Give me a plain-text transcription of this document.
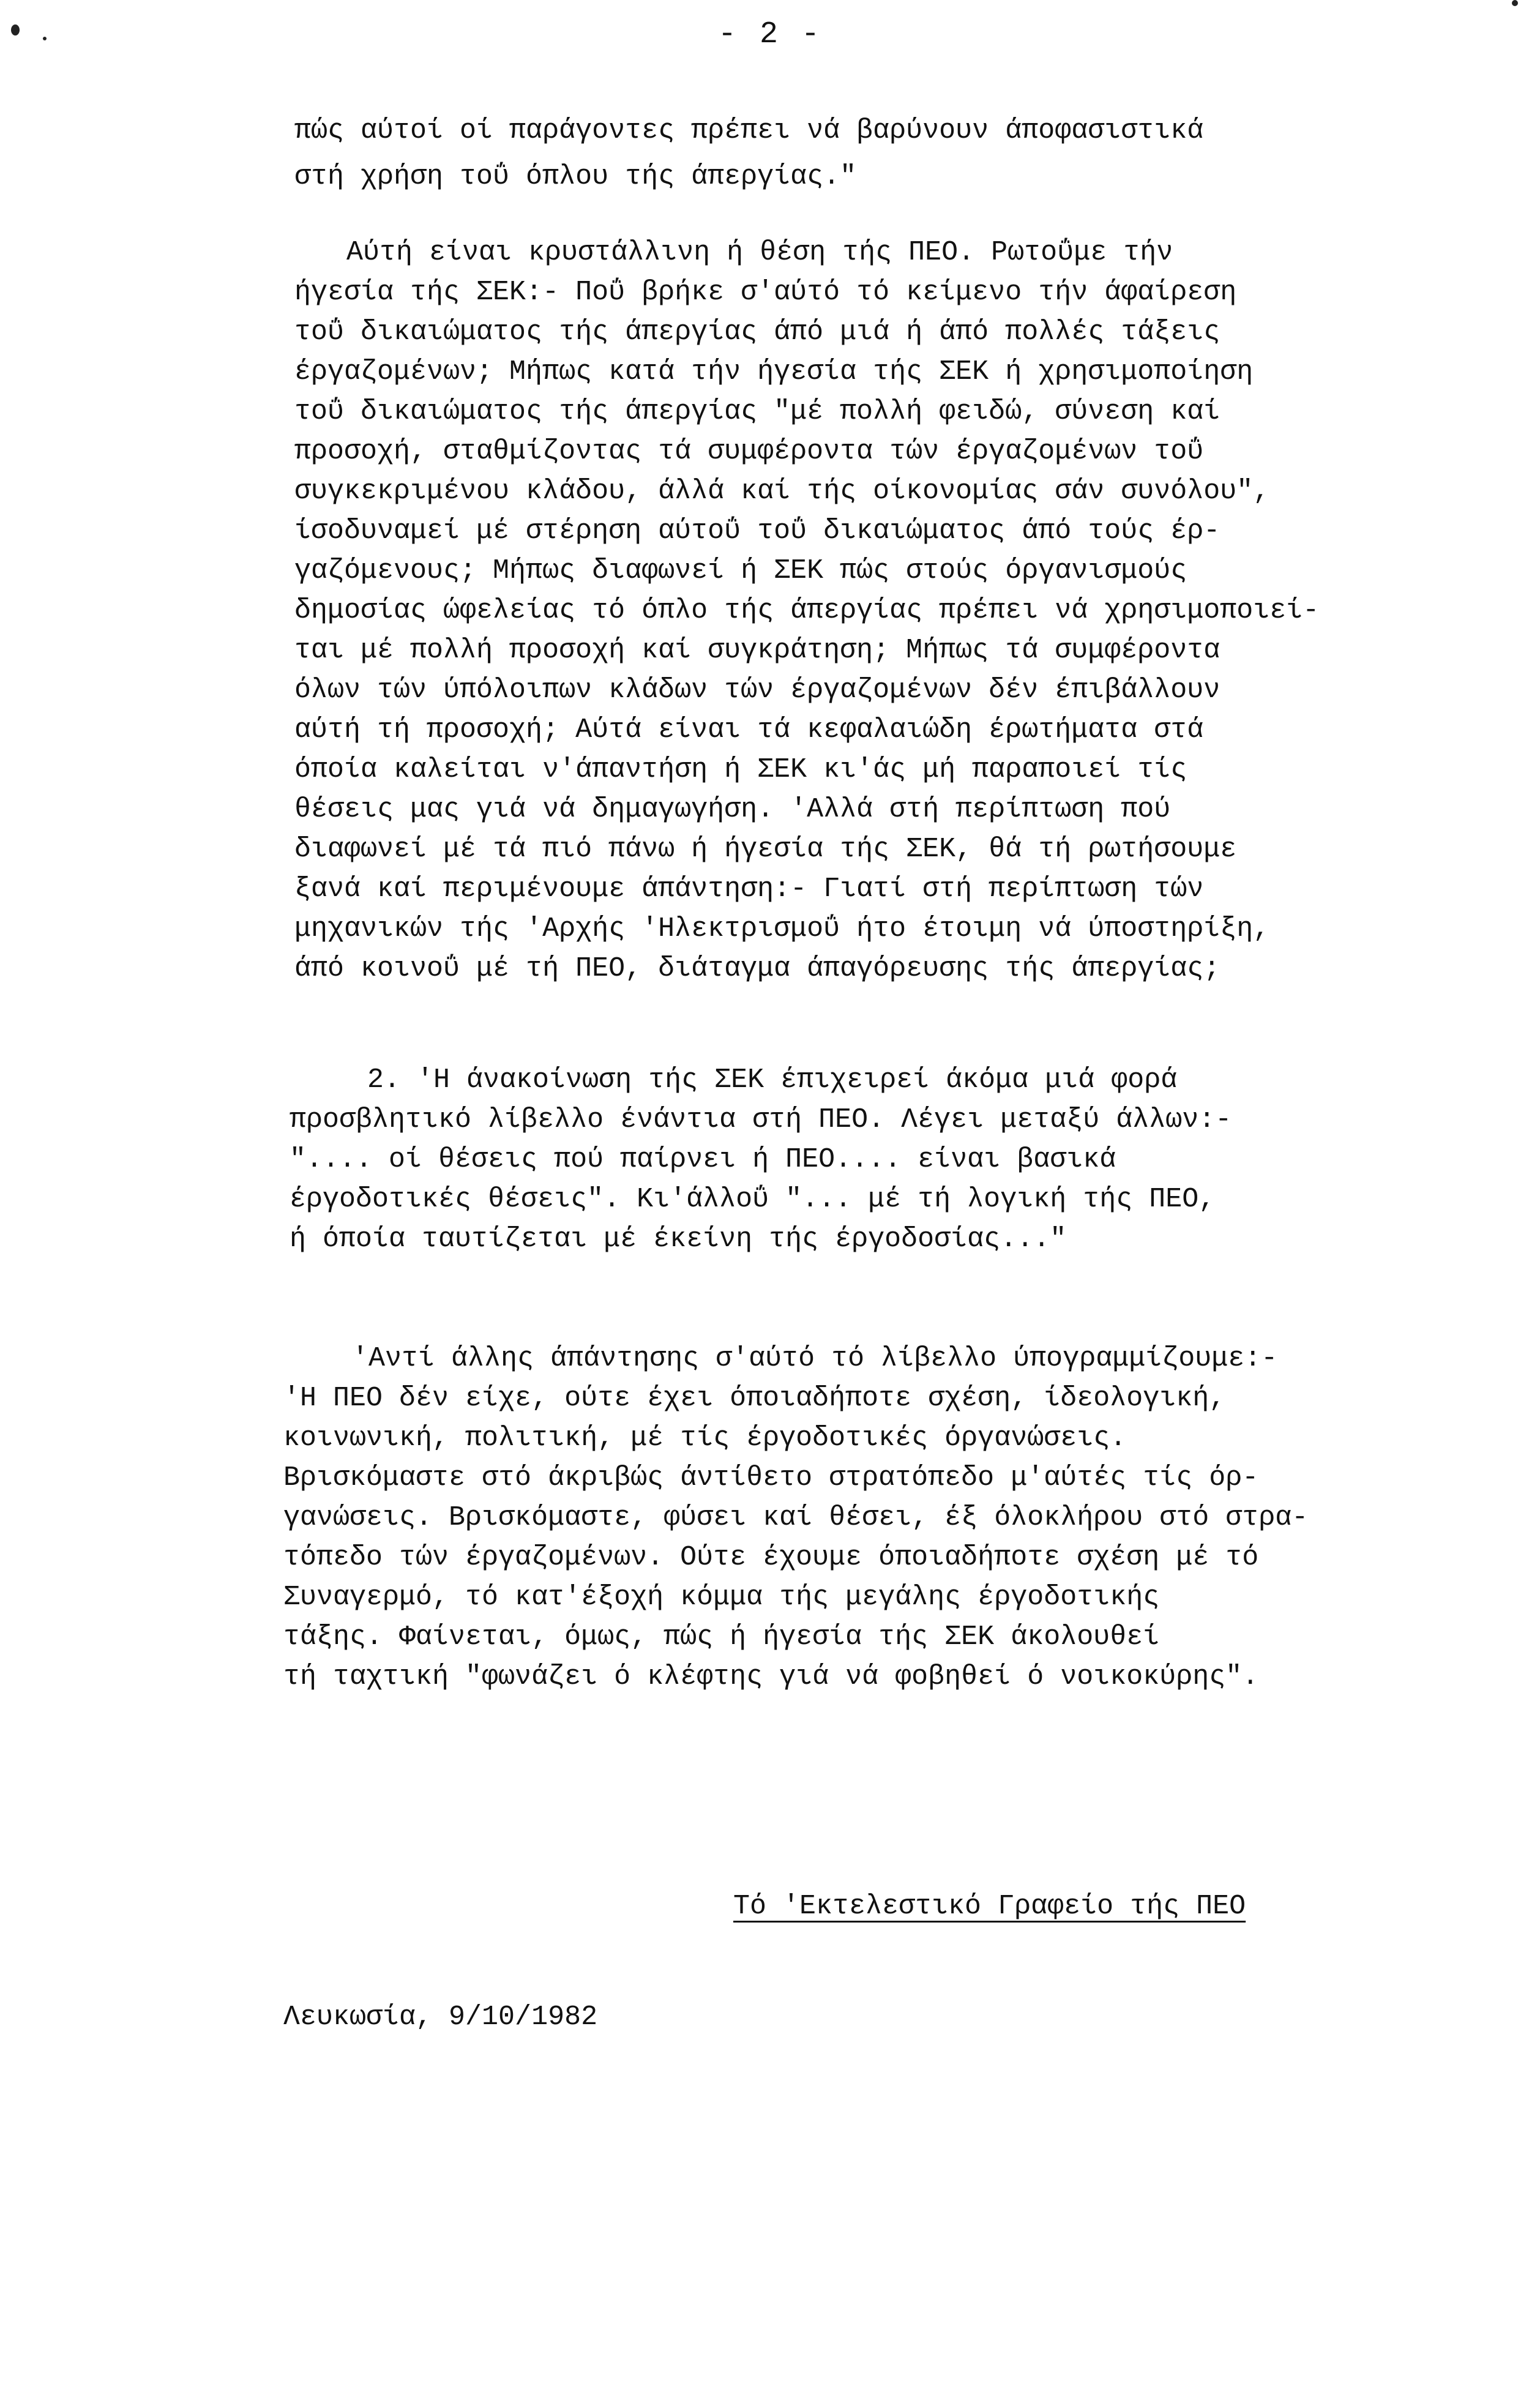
- 2 -
πώς αύτοί οί παράγοντες πρέπει νά βαρύνουν άποφασιστικά
στή χρήση τοΰ όπλου τής άπεργίας."
Αύτή είναι κρυστάλλινη ή θέση τής ΠΕΟ. Ρωτοΰμε τήν
ήγεσία τής ΣΕΚ:- Ποΰ βρήκε σ'αύτό τό κείμενο τήν άφαίρεση
τοΰ δικαιώματος τής άπεργίας άπό μιά ή άπό πολλές τάξεις
έργαζομένων; Μήπως κατά τήν ήγεσία τής ΣΕΚ ή χρησιμοποίηση
τοΰ δικαιώματος τής άπεργίας "μέ πολλή φειδώ, σύνεση καί
προσοχή, σταθμίζοντας τά συμφέροντα τών έργαζομένων τοΰ
συγκεκριμένου κλάδου, άλλά καί τής οίκονομίας σάν συνόλου",
ίσοδυναμεί μέ στέρηση αύτοΰ τοΰ δικαιώματος άπό τούς έρ-
γαζόμενους; Μήπως διαφωνεί ή ΣΕΚ πώς στούς όργανισμούς
δημοσίας ώφελείας τό όπλο τής άπεργίας πρέπει νά χρησιμοποιεί-
ται μέ πολλή προσοχή καί συγκράτηση; Μήπως τά συμφέροντα
όλων τών ύπόλοιπων κλάδων τών έργαζομένων δέν έπιβάλλουν
αύτή τή προσοχή; Αύτά είναι τά κεφαλαιώδη έρωτήματα στά
όποία καλείται ν'άπαντήση ή ΣΕΚ κι'άς μή παραποιεί τίς
θέσεις μας γιά νά δημαγωγήση. 'Αλλά στή περίπτωση πού
διαφωνεί μέ τά πιό πάνω ή ήγεσία τής ΣΕΚ, θά τή ρωτήσουμε
ξανά καί περιμένουμε άπάντηση:- Γιατί στή περίπτωση τών
μηχανικών τής 'Αρχής 'Ηλεκτρισμοΰ ήτο έτοιμη νά ύποστηρίξη,
άπό κοινοΰ μέ τή ΠΕΟ, διάταγμα άπαγόρευσης τής άπεργίας;
2. 'Η άνακοίνωση τής ΣΕΚ έπιχειρεί άκόμα μιά φορά
προσβλητικό λίβελλο ένάντια στή ΠΕΟ. Λέγει μεταξύ άλλων:-
".... οί θέσεις πού παίρνει ή ΠΕΟ.... είναι βασικά
έργοδοτικές θέσεις". Κι'άλλοΰ "... μέ τή λογική τής ΠΕΟ,
ή όποία ταυτίζεται μέ έκείνη τής έργοδοσίας..."
'Αντί άλλης άπάντησης σ'αύτό τό λίβελλο ύπογραμμίζουμε:-
'Η ΠΕΟ δέν είχε, ούτε έχει όποιαδήποτε σχέση, ίδεολογική,
κοινωνική, πολιτική, μέ τίς έργοδοτικές όργανώσεις.
Βρισκόμαστε στό άκριβώς άντίθετο στρατόπεδο μ'αύτές τίς όρ-
γανώσεις. Βρισκόμαστε, φύσει καί θέσει, έξ όλοκλήρου στό στρα-
τόπεδο τών έργαζομένων. Ούτε έχουμε όποιαδήποτε σχέση μέ τό
Συναγερμό, τό κατ'έξοχή κόμμα τής μεγάλης έργοδοτικής
τάξης. Φαίνεται, όμως, πώς ή ήγεσία τής ΣΕΚ άκολουθεί
τή ταχτική "φωνάζει ό κλέφτης γιά νά φοβηθεί ό νοικοκύρης".
Τό 'Εκτελεστικό Γραφείο τής ΠΕΟ
Λευκωσία, 9/10/1982
